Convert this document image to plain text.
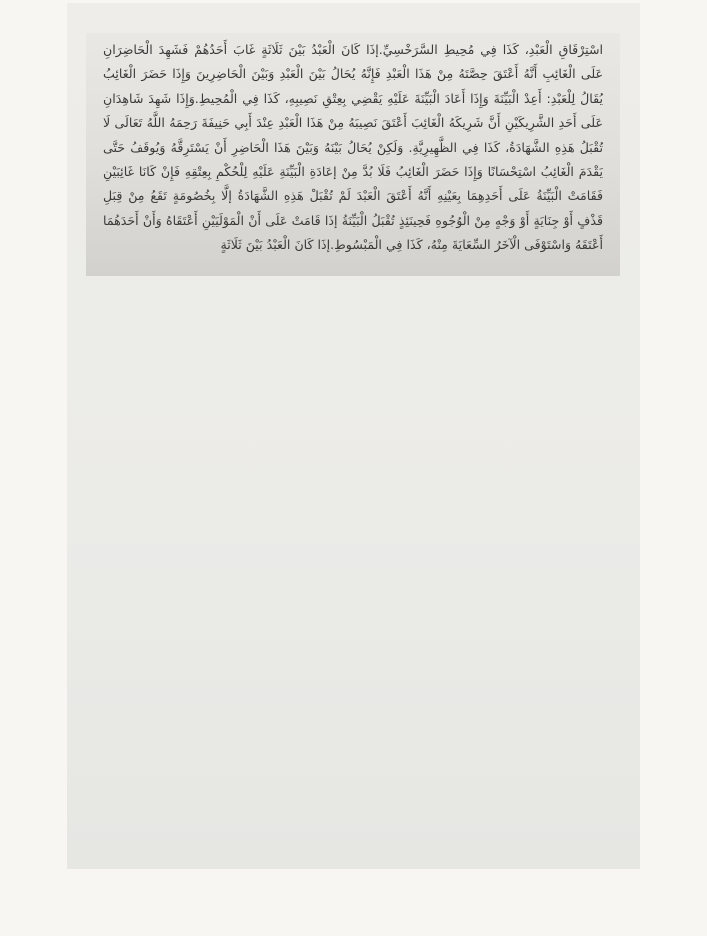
اسْتِرْقَاقِ الْعَبْدِ، كَذَا فِي مُحِيطِ السَّرَخْسِيِّ.إذَا كَانَ الْعَبْدُ بَيْنَ ثَلَاثَةٍ غَابَ أَحَدُهُمْ فَشَهِدَ الْحَاضِرَانِ عَلَى الْغَائِبِ أَنَّهُ أَعْتَقَ حِصَّتَهُ مِنْ هَذَا الْعَبْدِ فَإِنَّهُ يُحَالُ بَيْنَ الْعَبْدِ وَبَيْنَ الْحَاضِرِينَ وَإِذَا حَضَرَ الْغَائِبُ يُقَالُ لِلْعَبْدِ: أَعِدْ الْبَيِّنَةَ وَإِذَا أَعَادَ الْبَيِّنَةَ عَلَيْهِ يَقْضِي بِعِتْقِ نَصِيبِهِ، كَذَا فِي الْمُحِيطِ.وَإِذَا شَهِدَ شَاهِدَانِ عَلَى أَحَدِ الشَّرِيكَيْنِ أَنَّ شَرِيكَهُ الْغَائِبَ أَعْتَقَ نَصِيبَهُ مِنْ هَذَا الْعَبْدِ عِنْدَ أَبِي حَنِيفَةَ رَحِمَهُ اللَّهُ تَعَالَى لَا تُقْبَلُ هَذِهِ الشَّهَادَةُ، كَذَا فِي الظَّهِيرِيَّةِ. وَلَكِنْ يُحَالُ بَيْنَهُ وَبَيْنَ هَذَا الْحَاضِرِ أَنْ يَسْتَرِقَّهُ وَيُوقَفُ حَتَّى يَقْدَمَ الْغَائِبُ اسْتِحْسَانًا وَإِذَا حَضَرَ الْغَائِبُ فَلَا بُدَّ مِنْ إعَادَةِ الْبَيِّنَةِ عَلَيْهِ لِلْحُكْمِ بِعِتْقِهِ فَإِنْ كَانَا غَائِبَيْنِ فَقَامَتْ الْبَيِّنَةُ عَلَى أَحَدِهِمَا بِعَيْنِهِ أَنَّهُ أَعْتَقَ الْعَبْدَ لَمْ تُقْبَلْ هَذِهِ الشَّهَادَةُ إلَّا بِخُصُومَةٍ تَقَعُ مِنْ قِبَلِ قَذْفٍ أَوْ جِنَايَةٍ أَوْ وَجْهٍ مِنْ الْوُجُوهِ فَحِينَئِذٍ تُقْبَلُ الْبَيِّنَةُ إذَا قَامَتْ عَلَى أَنْ الْمَوْلَيَيْنِ أَعْتَقَاهُ وَأَنْ أَحَدَهُمَا أَعْتَقَهُ وَاسْتَوْفَى الْآخَرُ السِّعَايَةَ مِنْهُ، كَذَا فِي الْمَبْسُوطِ.إذَا كَانَ الْعَبْدُ بَيْنَ ثَلَاثَةٍ
